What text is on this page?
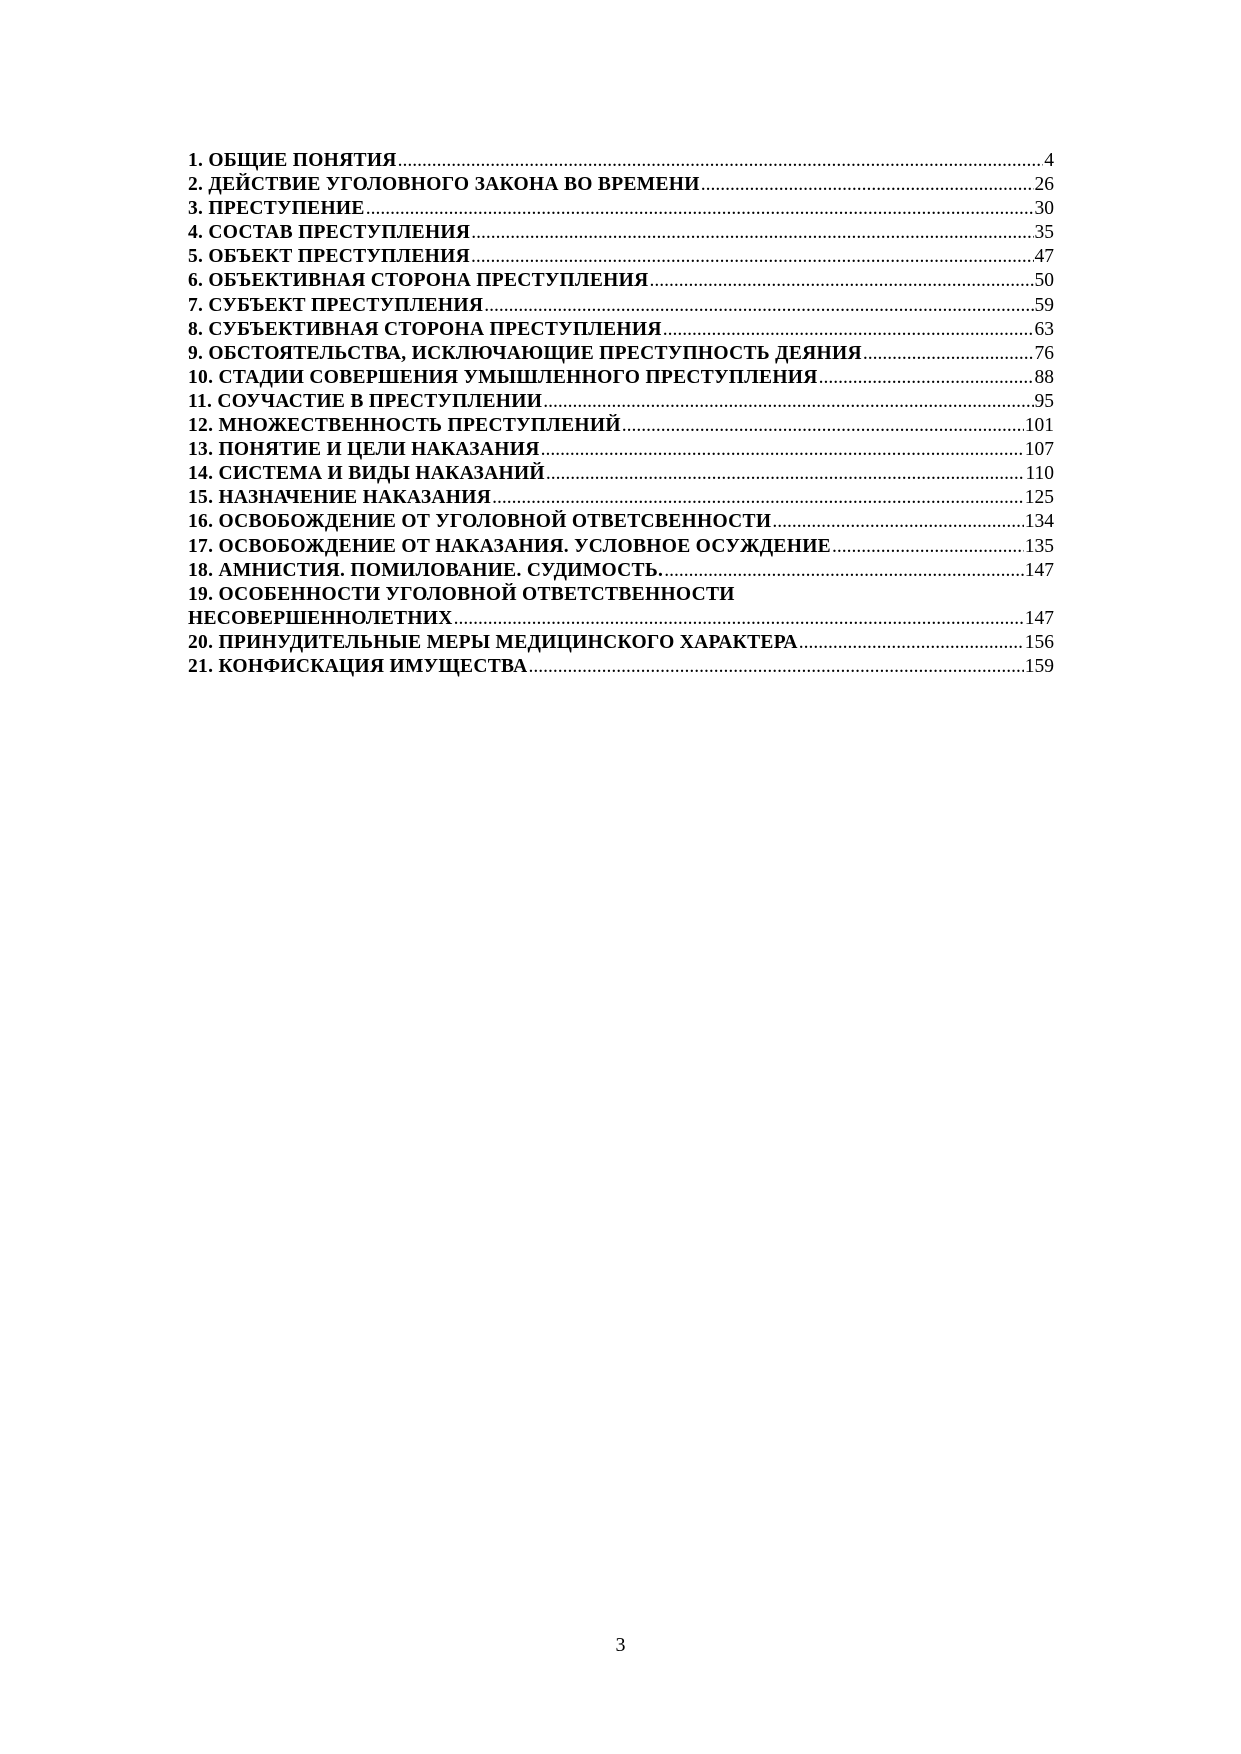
1. ОБЩИЕ ПОНЯТИЯ .....	4
2. ДЕЙСТВИЕ УГОЛОВНОГО ЗАКОНА ВО ВРЕМЕНИ .....	26
3. ПРЕСТУПЕНИЕ .....	30
4. СОСТАВ ПРЕСТУПЛЕНИЯ .....	35
5. ОБЪЕКТ ПРЕСТУПЛЕНИЯ .....	47
6. ОБЪЕКТИВНАЯ СТОРОНА ПРЕСТУПЛЕНИЯ .....	50
7. СУБЪЕКТ ПРЕСТУПЛЕНИЯ .....	59
8. СУБЪЕКТИВНАЯ СТОРОНА ПРЕСТУПЛЕНИЯ .....	63
9. ОБСТОЯТЕЛЬСТВА, ИСКЛЮЧАЮЩИЕ ПРЕСТУПНОСТЬ ДЕЯНИЯ .....	76
10. СТАДИИ СОВЕРШЕНИЯ УМЫШЛЕННОГО ПРЕСТУПЛЕНИЯ .....	88
11. СОУЧАСТИЕ В ПРЕСТУПЛЕНИИ .....	95
12. МНОЖЕСТВЕННОСТЬ ПРЕСТУПЛЕНИЙ .....	101
13. ПОНЯТИЕ И ЦЕЛИ НАКАЗАНИЯ .....	107
14. СИСТЕМА И ВИДЫ НАКАЗАНИЙ .....	110
15. НАЗНАЧЕНИЕ НАКАЗАНИЯ .....	125
16. ОСВОБОЖДЕНИЕ ОТ УГОЛОВНОЙ ОТВЕТСВЕННОСТИ .....	134
17. ОСВОБОЖДЕНИЕ ОТ НАКАЗАНИЯ. УСЛОВНОЕ ОСУЖДЕНИЕ .....	135
18. АМНИСТИЯ. ПОМИЛОВАНИЕ. СУДИМОСТЬ. .....	147
19. ОСОБЕННОСТИ УГОЛОВНОЙ ОТВЕТСТВЕННОСТИ
НЕСОВЕРШЕННОЛЕТНИХ .....	147
20. ПРИНУДИТЕЛЬНЫЕ МЕРЫ МЕДИЦИНСКОГО ХАРАКТЕРА .....	156
21. КОНФИСКАЦИЯ ИМУЩЕСТВА .....	159
3
